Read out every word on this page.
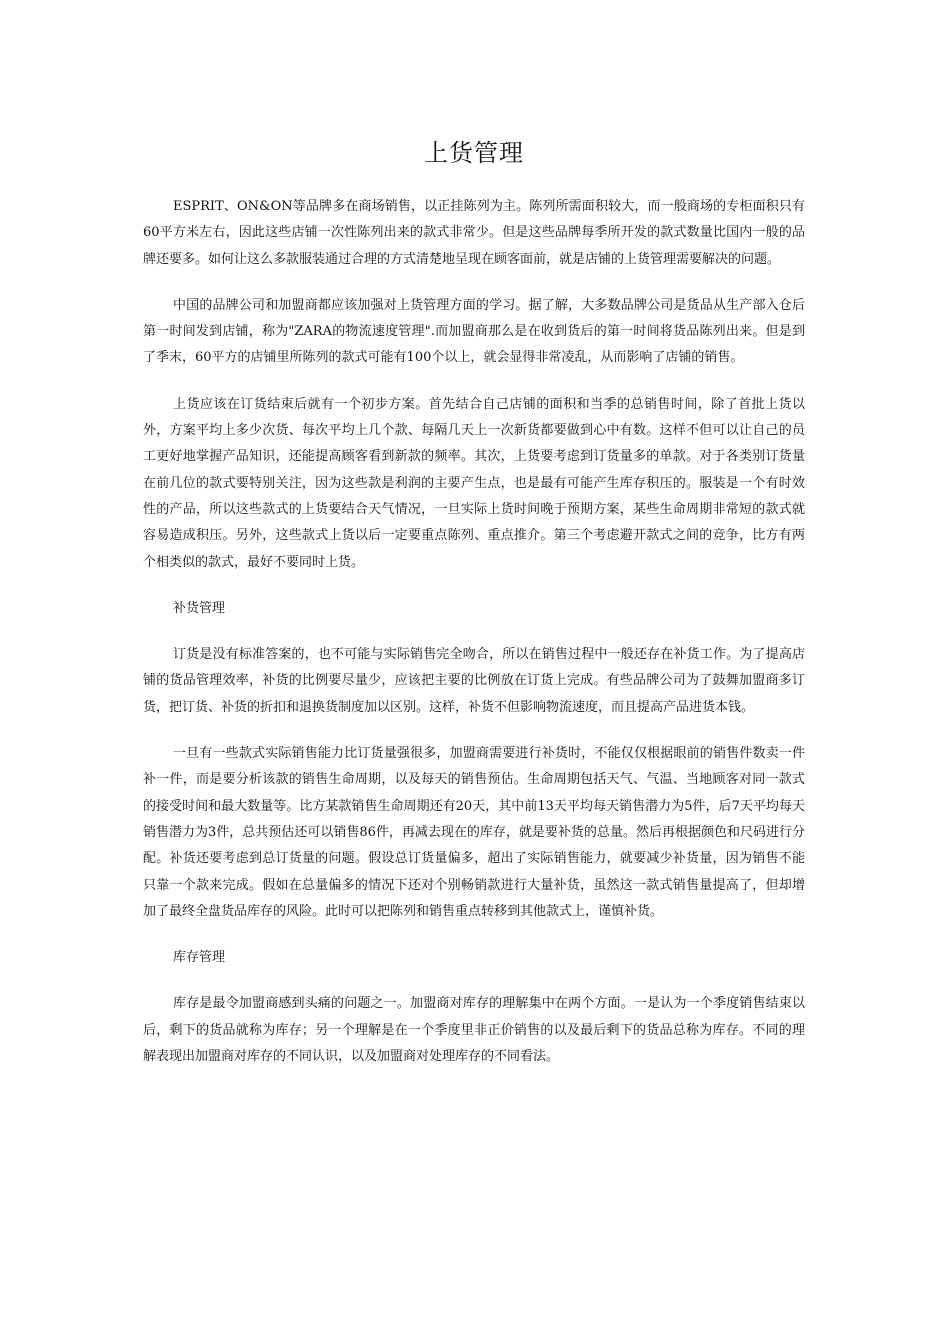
上货管理

ESPRIT、ON&ON等品牌多在商场销售，以正挂陈列为主。陈列所需面积较大，而一般商场的专柜面积只有60平方米左右，因此这些店铺一次性陈列出来的款式非常少。但是这些品牌每季所开发的款式数量比国内一般的品牌还要多。如何让这么多款服装通过合理的方式清楚地呈现在顾客面前，就是店铺的上货管理需要解决的问题。

中国的品牌公司和加盟商都应该加强对上货管理方面的学习。据了解，大多数品牌公司是货品从生产部入仓后第一时间发到店铺，称为"ZARA的物流速度管理".而加盟商那么是在收到货后的第一时间将货品陈列出来。但是到了季末，60平方的店铺里所陈列的款式可能有100个以上，就会显得非常凌乱，从而影响了店铺的销售。

上货应该在订货结束后就有一个初步方案。首先结合自己店铺的面积和当季的总销售时间，除了首批上货以外，方案平均上多少次货、每次平均上几个款、每隔几天上一次新货都要做到心中有数。这样不但可以让自己的员工更好地掌握产品知识，还能提高顾客看到新款的频率。其次，上货要考虑到订货量多的单款。对于各类别订货量在前几位的款式要特别关注，因为这些款是利润的主要产生点，也是最有可能产生库存积压的。服装是一个有时效性的产品，所以这些款式的上货要结合天气情况，一旦实际上货时间晚于预期方案，某些生命周期非常短的款式就容易造成积压。另外，这些款式上货以后一定要重点陈列、重点推介。第三个考虑避开款式之间的竞争，比方有两个相类似的款式，最好不要同时上货。

补货管理

订货是没有标准答案的，也不可能与实际销售完全吻合，所以在销售过程中一般还存在补货工作。为了提高店铺的货品管理效率，补货的比例要尽量少，应该把主要的比例放在订货上完成。有些品牌公司为了鼓舞加盟商多订货，把订货、补货的折扣和退换货制度加以区别。这样，补货不但影响物流速度，而且提高产品进货本钱。

一旦有一些款式实际销售能力比订货量强很多，加盟商需要进行补货时，不能仅仅根据眼前的销售件数卖一件补一件，而是要分析该款的销售生命周期，以及每天的销售预估。生命周期包括天气、气温、当地顾客对同一款式的接受时间和最大数量等。比方某款销售生命周期还有20天，其中前13天平均每天销售潜力为5件，后7天平均每天销售潜力为3件，总共预估还可以销售86件，再减去现在的库存，就是要补货的总量。然后再根据颜色和尺码进行分配。补货还要考虑到总订货量的问题。假设总订货量偏多，超出了实际销售能力，就要减少补货量，因为销售不能只靠一个款来完成。假如在总量偏多的情况下还对个别畅销款进行大量补货，虽然这一款式销售量提高了，但却增加了最终全盘货品库存的风险。此时可以把陈列和销售重点转移到其他款式上，谨慎补货。

库存管理

库存是最令加盟商感到头痛的问题之一。加盟商对库存的理解集中在两个方面。一是认为一个季度销售结束以后，剩下的货品就称为库存；另一个理解是在一个季度里非正价销售的以及最后剩下的货品总称为库存。不同的理解表现出加盟商对库存的不同认识，以及加盟商对处理库存的不同看法。
